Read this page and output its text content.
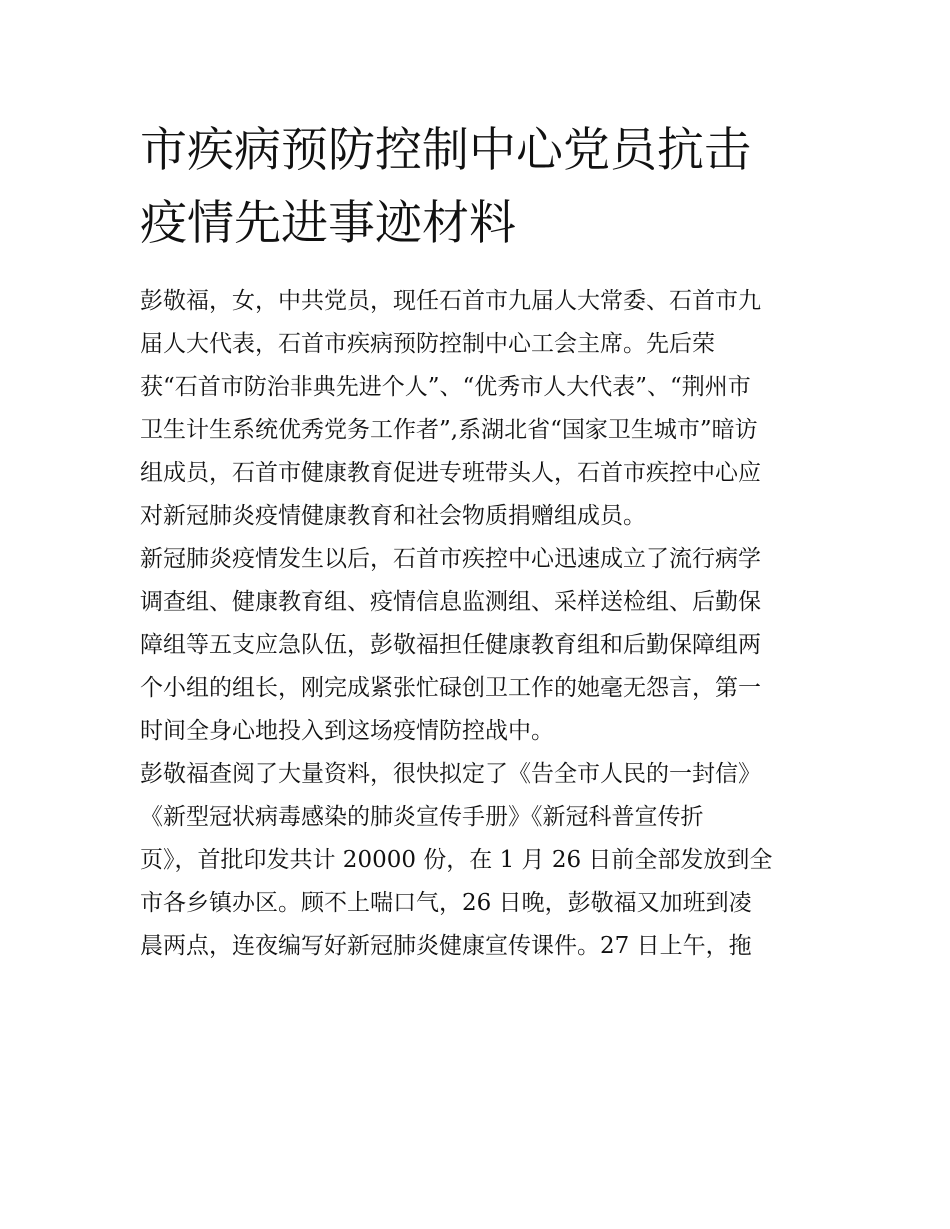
市疾病预防控制中心党员抗击
疫情先进事迹材料
彭敬福，女，中共党员，现任石首市九届人大常委、石首市九
届人大代表，石首市疾病预防控制中心工会主席。先后荣
获“石首市防治非典先进个人”、“优秀市人大代表”、“荆州市
卫生计生系统优秀党务工作者”,系湖北省“国家卫生城市”暗访
组成员，石首市健康教育促进专班带头人，石首市疾控中心应
对新冠肺炎疫情健康教育和社会物质捐赠组成员。
新冠肺炎疫情发生以后，石首市疾控中心迅速成立了流行病学
调查组、健康教育组、疫情信息监测组、采样送检组、后勤保
障组等五支应急队伍，彭敬福担任健康教育组和后勤保障组两
个小组的组长，刚完成紧张忙碌创卫工作的她毫无怨言，第一
时间全身心地投入到这场疫情防控战中。
彭敬福查阅了大量资料，很快拟定了《告全市人民的一封信》
《新型冠状病毒感染的肺炎宣传手册》《新冠科普宣传折
页》，首批印发共计 20000 份，在 1 月 26 日前全部发放到全
市各乡镇办区。顾不上喘口气，26 日晚，彭敬福又加班到凌
晨两点，连夜编写好新冠肺炎健康宣传课件。27 日上午，拖
